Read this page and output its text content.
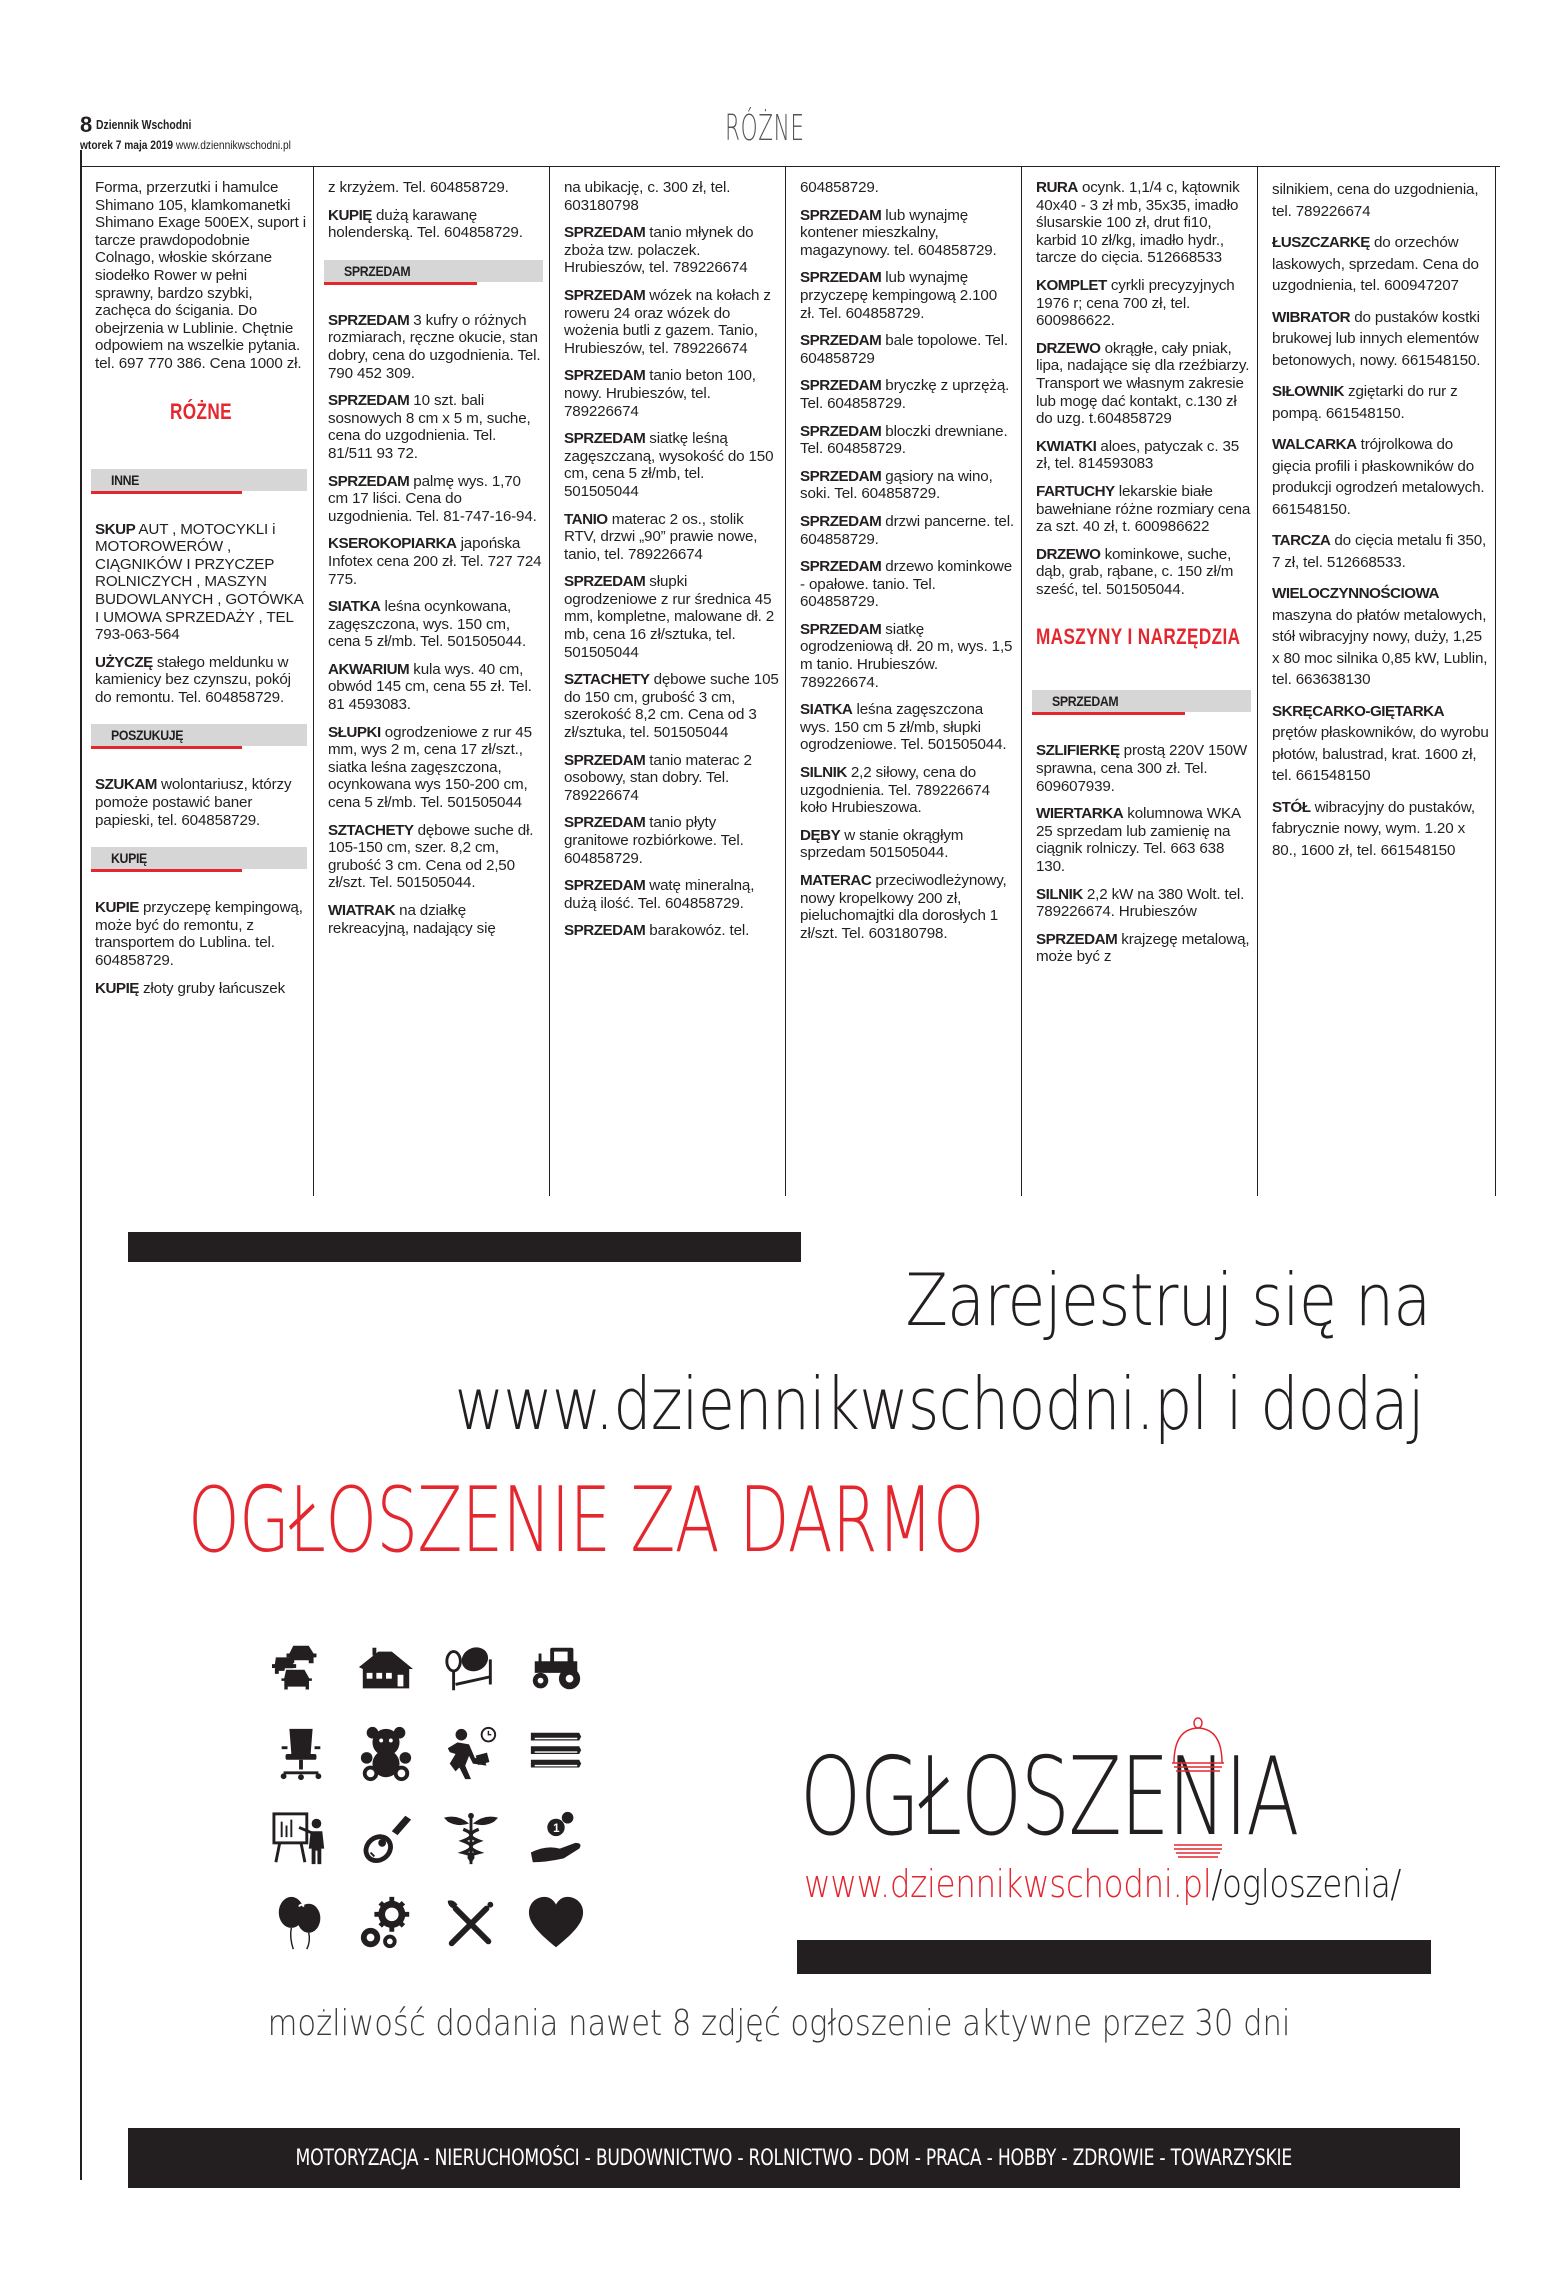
8 Dziennik Wschodni
wtorek 7 maja 2019 www.dziennikwschodni.pl	RÓŻNE

Forma, przerzutki i hamulce Shimano 105, klamkomanetki Shimano Exage 500EX, suport i tarcze prawdopodobnie Colnago, włoskie skórzane siodełko Rower w pełni sprawny, bardzo szybki, zachęca do ścigania. Do obejrzenia w Lublinie. Chętnie odpowiem na wszelkie pytania. tel. 697 770 386. Cena 1000 zł.

RÓŻNE
INNE

SKUP AUT , MOTOCYKLI i MOTOROWERÓW , CIĄGNIKÓW I PRZYCZEP ROLNICZYCH , MASZYN BUDOWLANYCH , GOTÓWKA I UMOWA SPRZEDAŻY , TEL 793-063-564

UŻYCZĘ stałego meldunku w kamienicy bez czynszu, pokój do remontu. Tel. 604858729.

POSZUKUJĘ

SZUKAM wolontariusz, którzy pomoże postawić baner papieski, tel. 604858729.

KUPIĘ

KUPIE przyczepę kempingową, może być do remontu, z transportem do Lublina. tel. 604858729.

KUPIĘ złoty gruby łańcuszek

z krzyżem. Tel. 604858729.

KUPIĘ dużą karawanę holenderską. Tel. 604858729.

SPRZEDAM

SPRZEDAM 3 kufry o różnych rozmiarach, ręczne okucie, stan dobry, cena do uzgodnienia. Tel. 790 452 309.

SPRZEDAM 10 szt. bali sosnowych 8 cm x 5 m, suche, cena do uzgodnienia. Tel. 81/511 93 72.

SPRZEDAM palmę wys. 1,70 cm 17 liści. Cena do uzgodnienia. Tel. 81-747-16-94.

KSEROKOPIARKA japońska Infotex cena 200 zł. Tel. 727 724 775.

SIATKA leśna ocynkowana, zagęszczona, wys. 150 cm, cena 5 zł/mb. Tel. 501505044.

AKWARIUM kula wys. 40 cm, obwód 145 cm, cena 55 zł. Tel. 81 4593083.

SŁUPKI ogrodzeniowe z rur 45 mm, wys 2 m, cena 17 zł/szt., siatka leśna zagęszczona, ocynkowana wys 150-200 cm, cena 5 zł/mb. Tel. 501505044

SZTACHETY dębowe suche dł. 105-150 cm, szer. 8,2 cm, grubość 3 cm. Cena od 2,50 zł/szt. Tel. 501505044.

WIATRAK na działkę rekreacyjną, nadający się

na ubikację, c. 300 zł, tel. 603180798

SPRZEDAM tanio młynek do zboża tzw. polaczek. Hrubieszów, tel. 789226674

SPRZEDAM wózek na kołach z roweru 24 oraz wózek do wożenia butli z gazem. Tanio, Hrubieszów, tel. 789226674

SPRZEDAM tanio beton 100, nowy. Hrubieszów, tel. 789226674

SPRZEDAM siatkę leśną zagęszczaną, wysokość do 150 cm, cena 5 zł/mb, tel. 501505044

TANIO materac 2 os., stolik RTV, drzwi „90” prawie nowe, tanio, tel. 789226674

SPRZEDAM słupki ogrodzeniowe z rur średnica 45 mm, kompletne, malowane dł. 2 mb, cena 16 zł/sztuka, tel. 501505044

SZTACHETY dębowe suche 105 do 150 cm, grubość 3 cm, szerokość 8,2 cm. Cena od 3 zł/sztuka, tel. 501505044

SPRZEDAM tanio materac 2 osobowy, stan dobry. Tel. 789226674

SPRZEDAM tanio płyty granitowe rozbiórkowe. Tel. 604858729.

SPRZEDAM watę mineralną, dużą ilość. Tel. 604858729.

SPRZEDAM barakowóz. tel.

604858729.

SPRZEDAM lub wynajmę kontener mieszkalny, magazynowy. tel. 604858729.

SPRZEDAM lub wynajmę przyczepę kempingową 2.100 zł. Tel. 604858729.

SPRZEDAM bale topolowe. Tel. 604858729

SPRZEDAM bryczkę z uprzężą. Tel. 604858729.

SPRZEDAM bloczki drewniane. Tel. 604858729.

SPRZEDAM gąsiory na wino, soki. Tel. 604858729.

SPRZEDAM drzwi pancerne. tel. 604858729.

SPRZEDAM drzewo kominkowe - opałowe. tanio. Tel. 604858729.

SPRZEDAM siatkę ogrodzeniową dł. 20 m, wys. 1,5 m tanio. Hrubieszów. 789226674.

SIATKA leśna zagęszczona wys. 150 cm 5 zł/mb, słupki ogrodzeniowe. Tel. 501505044.

SILNIK 2,2 siłowy, cena do uzgodnienia. Tel. 789226674 koło Hrubieszowa.

DĘBY w stanie okrągłym sprzedam 501505044.

MATERAC przeciwodleżynowy, nowy kropelkowy 200 zł, pieluchomajtki dla dorosłych 1 zł/szt. Tel. 603180798.

RURA ocynk. 1,1/4 c, kątownik 40x40 - 3 zł mb, 35x35, imadło ślusarskie 100 zł, drut fi10, karbid 10 zł/kg, imadło hydr., tarcze do cięcia. 512668533

KOMPLET cyrkli precyzyjnych 1976 r; cena 700 zł, tel. 600986622.

DRZEWO okrągłe, cały pniak, lipa, nadające się dla rzeźbiarzy. Transport we własnym zakresie lub mogę dać kontakt, c.130 zł do uzg. t.604858729

KWIATKI aloes, patyczak c. 35 zł, tel. 814593083

FARTUCHY lekarskie białe bawełniane różne rozmiary cena za szt. 40 zł, t. 600986622

DRZEWO kominkowe, suche, dąb, grab, rąbane, c. 150 zł/m sześć, tel. 501505044.

MASZYNY I NARZĘDZIA
SPRZEDAM

SZLIFIERKĘ prostą 220V 150W sprawna, cena 300 zł. Tel. 609607939.

WIERTARKA kolumnowa WKA 25 sprzedam lub zamienię na ciągnik rolniczy. Tel. 663 638 130.

SILNIK 2,2 kW na 380 Wolt. tel. 789226674. Hrubieszów

SPRZEDAM krajzegę metalową, może być z

silnikiem, cena do uzgodnienia, tel. 789226674

ŁUSZCZARKĘ do orzechów laskowych, sprzedam. Cena do uzgodnienia, tel. 600947207

WIBRATOR do pustaków kostki brukowej lub innych elementów betonowych, nowy. 661548150.

SIŁOWNIK zgiętarki do rur z pompą. 661548150.

WALCARKA trójrolkowa do gięcia profili i płaskowników do produkcji ogrodzeń metalowych. 661548150.

TARCZA do cięcia metalu fi 350, 7 zł, tel. 512668533.

WIELOCZYNNOŚCIOWA maszyna do płatów metalowych, stół wibracyjny nowy, duży, 1,25 x 80 moc silnika 0,85 kW, Lublin, tel. 663638130

SKRĘCARKO-GIĘTARKA prętów płaskowników, do wyrobu płotów, balustrad, krat. 1600 zł, tel. 661548150

STÓŁ wibracyjny do pustaków, fabrycznie nowy, wym. 1.20 x 80., 1600 zł, tel. 661548150

Zarejestruj się na
www.dziennikwschodni.pl i dodaj
OGŁOSZENIE ZA DARMO
1 OGŁOSZENIA
www.dziennikwschodni.pl/ogloszenia/
możliwość dodania nawet 8 zdjęć ogłoszenie aktywne przez 30 dni
MOTORYZACJA - NIERUCHOMOŚCI - BUDOWNICTWO - ROLNICTWO - DOM - PRACA - HOBBY - ZDROWIE - TOWARZYSKIE
